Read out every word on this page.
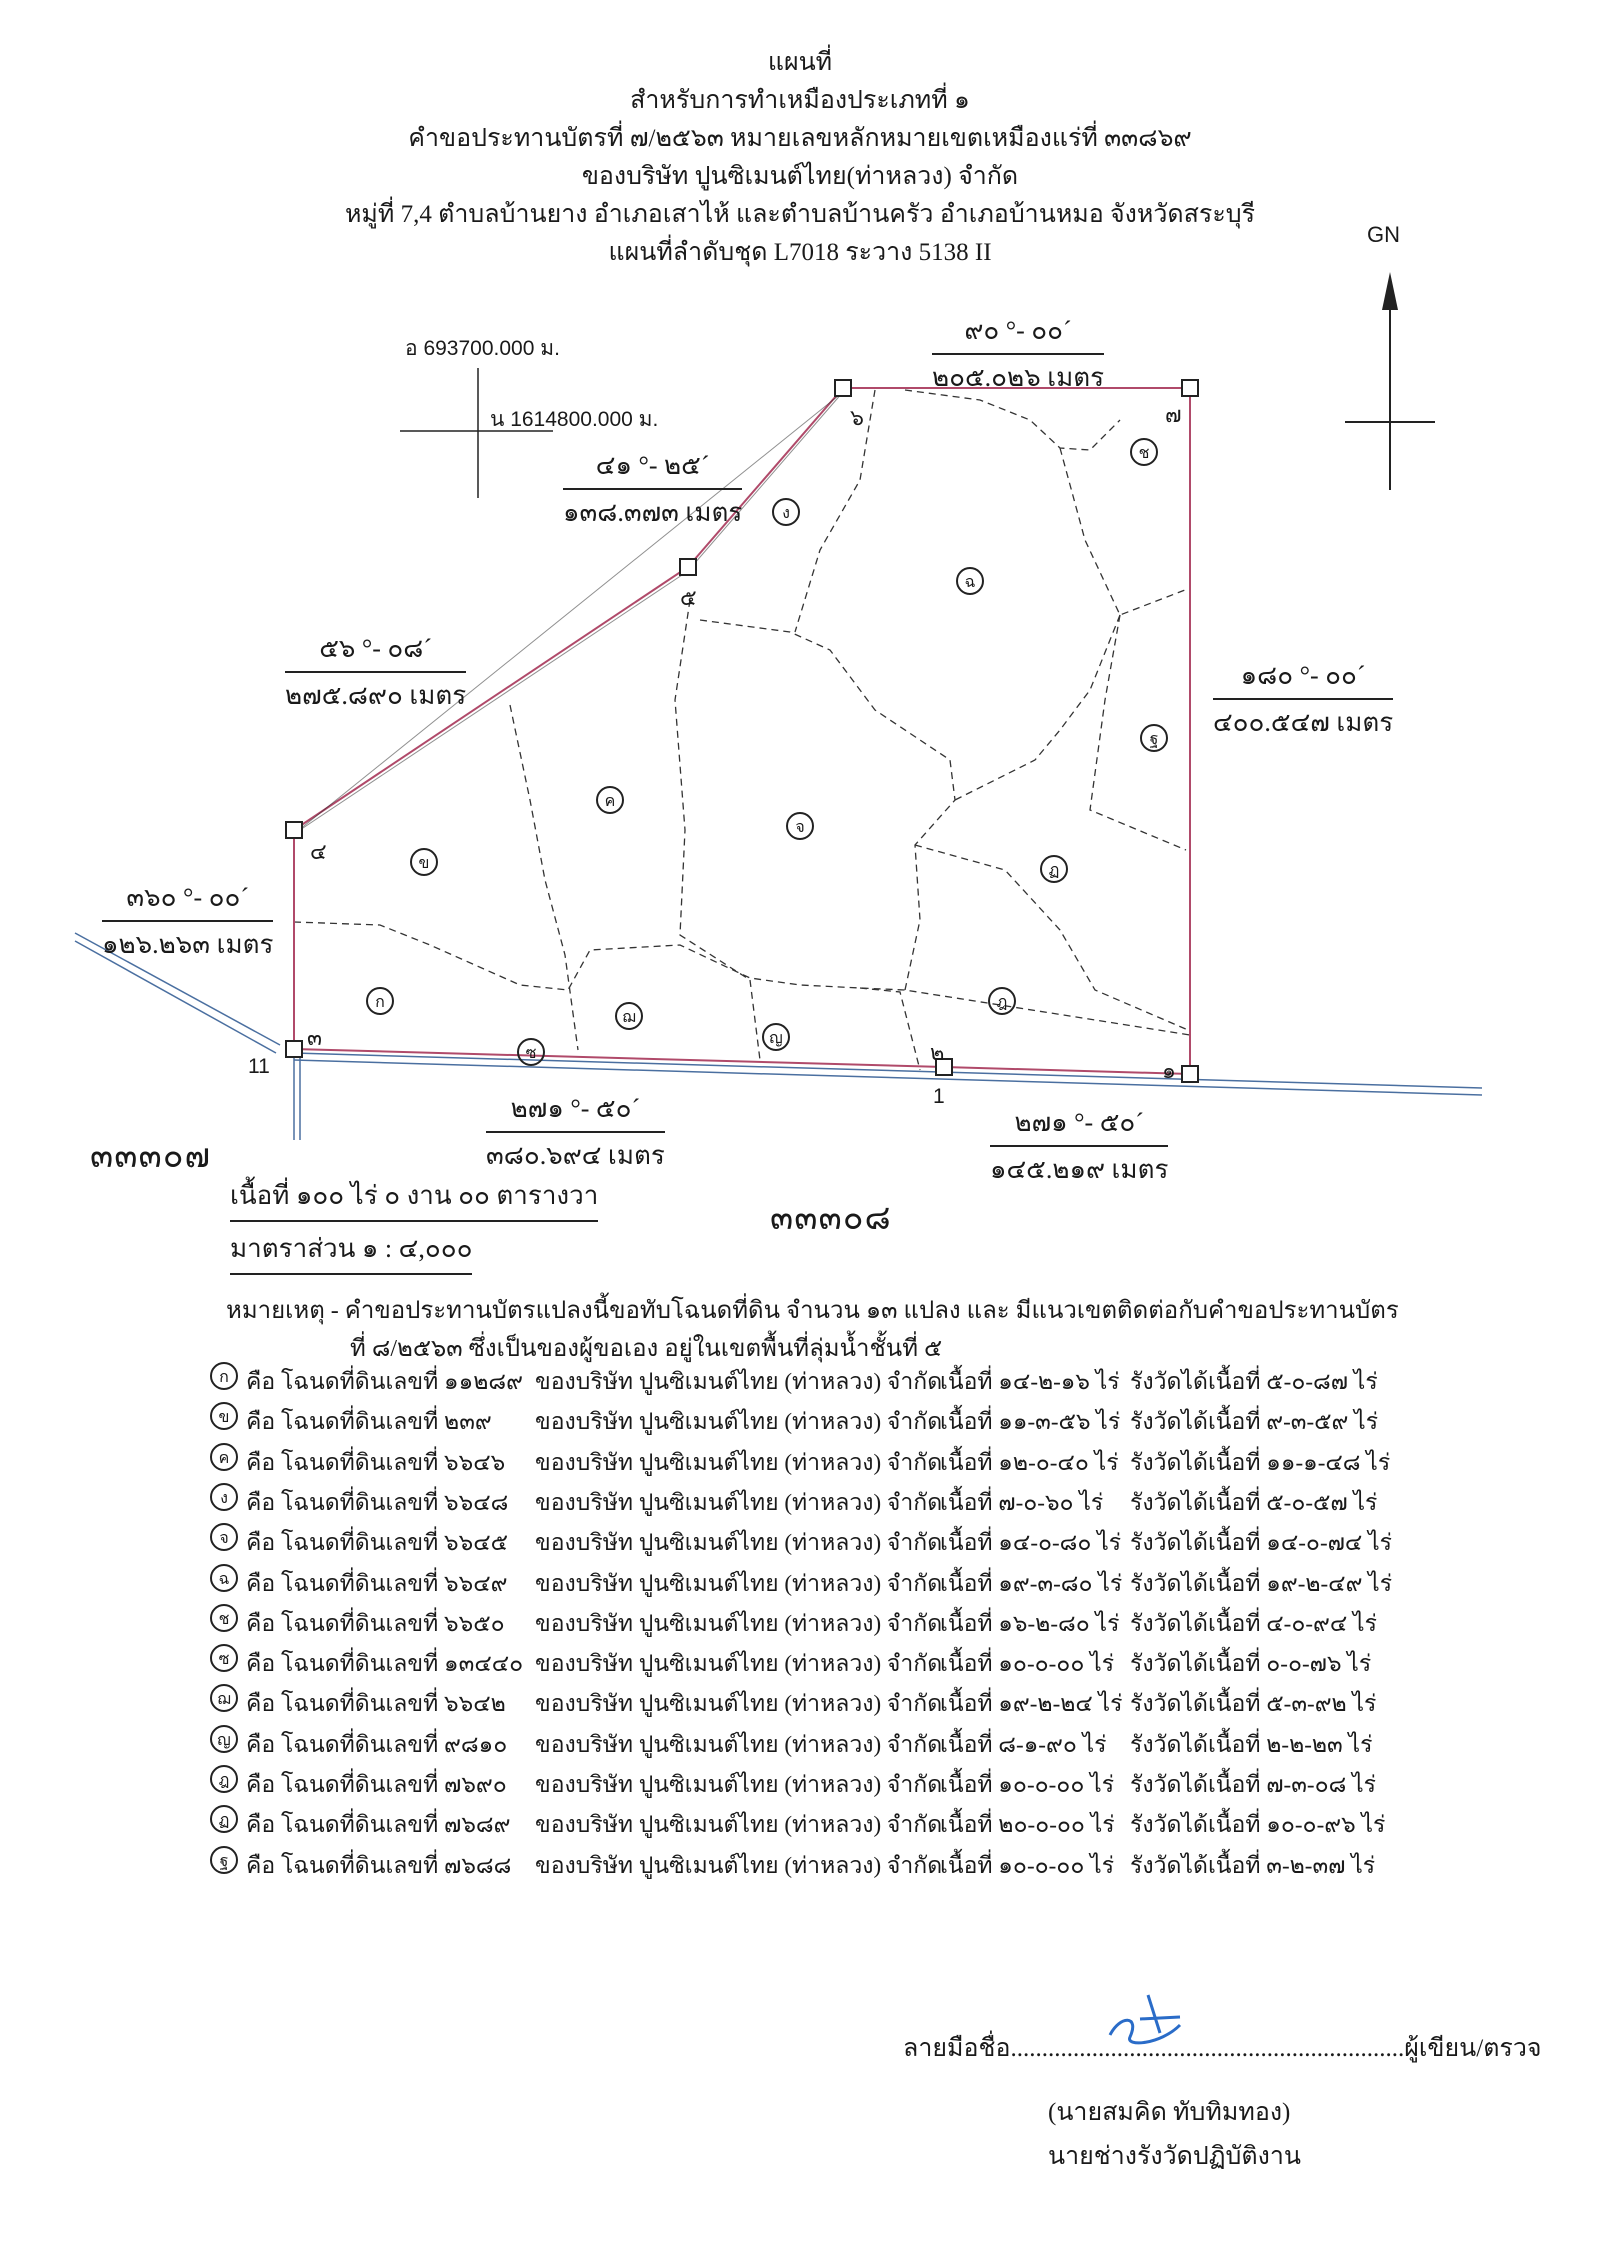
แผนที่
สำหรับการทำเหมืองประเภทที่ ๑
คำขอประทานบัตรที่ ๗/๒๕๖๓ หมายเลขหลักหมายเขตเหมืองแร่ที่ ๓๓๘๖๙
ของบริษัท ปูนซิเมนต์ไทย(ท่าหลวง) จำกัด
หมู่ที่ 7,4 ตำบลบ้านยาง อำเภอเสาไห้ และตำบลบ้านครัว อำเภอบ้านหมอ จังหวัดสระบุรี
แผนที่ลำดับชุด L7018 ระวาง 5138 II
GN
อ 693700.000 ม.
น 1614800.000 ม.
๙๐ °- ๐๐´
๒๐๕.๐๒๖ เมตร
๔๑ °- ๒๕´
๑๓๘.๓๗๓ เมตร
๕๖ °- ๐๘´
๒๗๕.๘๙๐ เมตร
๓๖๐ °- ๐๐´
๑๒๖.๒๖๓ เมตร
๑๘๐ °- ๐๐´
๔๐๐.๕๔๗ เมตร
๒๗๑ °- ๕๐´
๓๘๐.๖๙๔ เมตร
๒๗๑ °- ๕๐´
๑๔๕.๒๑๙ เมตร
๑
๒
๓
๔
๕
๖	๗
11
1
ก
ข
ค
ง
จ
ฉ
ช
ซ
ฌ
ญ
ฎ
ฏ
ฐ
๓๓๓๐๗
๓๓๓๐๘
เนื้อที่ ๑๐๐ ไร่ ๐ งาน ๐๐ ตารางวา
มาตราส่วน ๑ : ๔,๐๐๐
หมายเหตุ - คำขอประทานบัตรแปลงนี้ขอทับโฉนดที่ดิน จำนวน ๑๓ แปลง และ มีแนวเขตติดต่อกับคำขอประทานบัตร
ที่ ๘/๒๕๖๓ ซึ่งเป็นของผู้ขอเอง อยู่ในเขตพื้นที่ลุ่มน้ำชั้นที่ ๕
ก คือ โฉนดที่ดินเลขที่ ๑๑๒๘๙ ของบริษัท ปูนซิเมนต์ไทย (ท่าหลวง) จำกัด
เนื้อที่ ๑๔-๒-๑๖ ไร่ รังวัดได้เนื้อที่ ๕-๐-๘๗ ไร่
ข คือ โฉนดที่ดินเลขที่ ๒๓๙ ของบริษัท ปูนซิเมนต์ไทย (ท่าหลวง) จำกัด
เนื้อที่ ๑๑-๓-๕๖ ไร่ รังวัดได้เนื้อที่ ๙-๓-๕๙ ไร่
ค คือ โฉนดที่ดินเลขที่ ๖๖๔๖ ของบริษัท ปูนซิเมนต์ไทย (ท่าหลวง) จำกัด
เนื้อที่ ๑๒-๐-๔๐ ไร่ รังวัดได้เนื้อที่ ๑๑-๑-๔๘ ไร่
ง คือ โฉนดที่ดินเลขที่ ๖๖๔๘ ของบริษัท ปูนซิเมนต์ไทย (ท่าหลวง) จำกัด
เนื้อที่ ๗-๐-๖๐ ไร่ รังวัดได้เนื้อที่ ๕-๐-๕๗ ไร่
จ คือ โฉนดที่ดินเลขที่ ๖๖๔๕ ของบริษัท ปูนซิเมนต์ไทย (ท่าหลวง) จำกัด
เนื้อที่ ๑๔-๐-๘๐ ไร่ รังวัดได้เนื้อที่ ๑๔-๐-๗๔ ไร่
ฉ คือ โฉนดที่ดินเลขที่ ๖๖๔๙ ของบริษัท ปูนซิเมนต์ไทย (ท่าหลวง) จำกัด
เนื้อที่ ๑๙-๓-๘๐ ไร่ รังวัดได้เนื้อที่ ๑๙-๒-๔๙ ไร่
ช คือ โฉนดที่ดินเลขที่ ๖๖๕๐ ของบริษัท ปูนซิเมนต์ไทย (ท่าหลวง) จำกัด
เนื้อที่ ๑๖-๒-๘๐ ไร่ รังวัดได้เนื้อที่ ๔-๐-๙๔ ไร่
ซ คือ โฉนดที่ดินเลขที่ ๑๓๔๔๐ ของบริษัท ปูนซิเมนต์ไทย (ท่าหลวง) จำกัด
เนื้อที่ ๑๐-๐-๐๐ ไร่ รังวัดได้เนื้อที่ ๐-๐-๗๖ ไร่
ฌ คือ โฉนดที่ดินเลขที่ ๖๖๔๒ ของบริษัท ปูนซิเมนต์ไทย (ท่าหลวง) จำกัด
เนื้อที่ ๑๙-๒-๒๔ ไร่ รังวัดได้เนื้อที่ ๕-๓-๙๒ ไร่
ญ คือ โฉนดที่ดินเลขที่ ๙๘๑๐ ของบริษัท ปูนซิเมนต์ไทย (ท่าหลวง) จำกัด
เนื้อที่ ๘-๑-๙๐ ไร่ รังวัดได้เนื้อที่ ๒-๒-๒๓ ไร่
ฎ คือ โฉนดที่ดินเลขที่ ๗๖๙๐ ของบริษัท ปูนซิเมนต์ไทย (ท่าหลวง) จำกัด
เนื้อที่ ๑๐-๐-๐๐ ไร่ รังวัดได้เนื้อที่ ๗-๓-๐๘ ไร่
ฏ คือ โฉนดที่ดินเลขที่ ๗๖๘๙ ของบริษัท ปูนซิเมนต์ไทย (ท่าหลวง) จำกัด
เนื้อที่ ๒๐-๐-๐๐ ไร่ รังวัดได้เนื้อที่ ๑๐-๐-๙๖ ไร่
ฐ คือ โฉนดที่ดินเลขที่ ๗๖๘๘ ของบริษัท ปูนซิเมนต์ไทย (ท่าหลวง) จำกัด
เนื้อที่ ๑๐-๐-๐๐ ไร่ รังวัดได้เนื้อที่ ๓-๒-๓๗ ไร่
ลายมือชื่อ...............................................................ผู้เขียน/ตรวจ
(นายสมคิด ทับทิมทอง)
นายช่างรังวัดปฏิบัติงาน
